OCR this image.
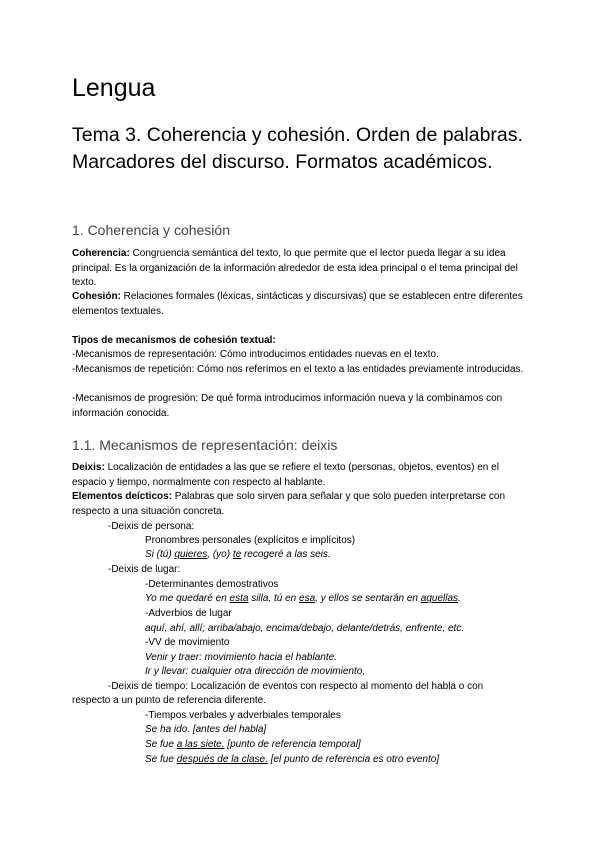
Lengua
Tema 3. Coherencia y cohesión. Orden de palabras. Marcadores del discurso. Formatos académicos.
1. Coherencia y cohesión
Coherencia: Congruencia semántica del texto, lo que permite que el lector pueda llegar a su idea principal. Es la organización de la información alrededor de esta idea principal o el tema principal del texto.
Cohesión: Relaciones formales (léxicas, sintácticas y discursivas) que se establecen entre diferentes elementos textuales.
Tipos de mecanismos de cohesión textual:
-Mecanismos de representación: Cómo introducimos entidades nuevas en el texto.
-Mecanismos de repetición: Cómo nos referimos en el texto a las entidades previamente introducidas.
-Mecanismos de progresión: De qué forma introducimos información nueva y la combinamos con información conocida.
1.1. Mecanismos de representación: deixis
Deixis: Localización de entidades a las que se refiere el texto (personas, objetos, eventos) en el espacio y tiempo, normalmente con respecto al hablante.
Elementos deícticos: Palabras que solo sirven para señalar y que solo pueden interpretarse con respecto a una situación concreta.
-Deixis de persona:
Pronombres personales (explícitos e implícitos)
Si (tú) quieres, (yo) te recogeré a las seis.
-Deixis de lugar:
-Determinantes demostrativos
Yo me quedaré en esta silla, tú en esa, y ellos se sentarán en aquellas.
-Adverbios de lugar
aquí, ahí, allí; arriba/abajo, encima/debajo, delante/detrás, enfrente, etc.
-VV de movimiento
Venir y traer: movimiento hacia el hablante.
Ir y llevar: cualquier otra dirección de movimiento,
-Deixis de tiempo: Localización de eventos con respecto al momento del habla o con
respecto a un punto de referencia diferente.
-Tiempos verbales y adverbiales temporales
Se ha ido. [antes del habla]
Se fue a las siete. [punto de referencia temporal]
Se fue después de la clase. [el punto de referencia es otro evento]
